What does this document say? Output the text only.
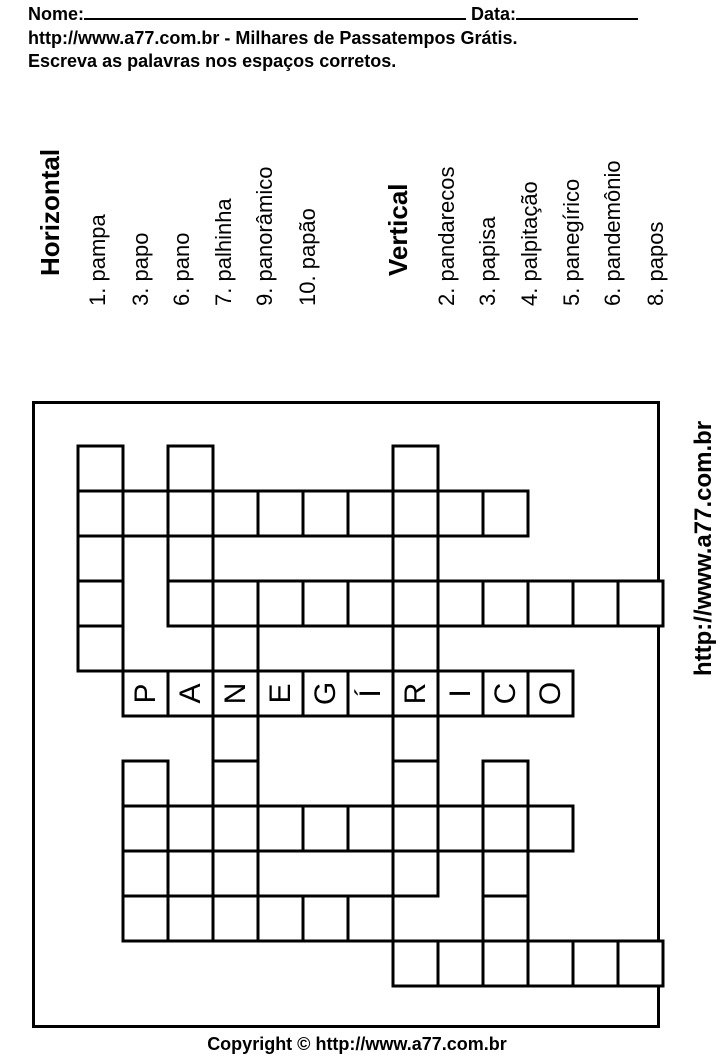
Nome:	Data:
http://www.a77.com.br - Milhares de Passatempos Grátis.
Escreva as palavras nos espaços corretos.
Horizontal
1. pampa
3. papo
6. pano
7. palhinha
9. panorâmico
10. papão Vertical
2. pandarecos
3. papisa
4. palpitação
5. panegírico
6. pandemônio
8. papos
http://www.a77.com.br
P A N E G Í R I C O
Copyright © http://www.a77.com.br
